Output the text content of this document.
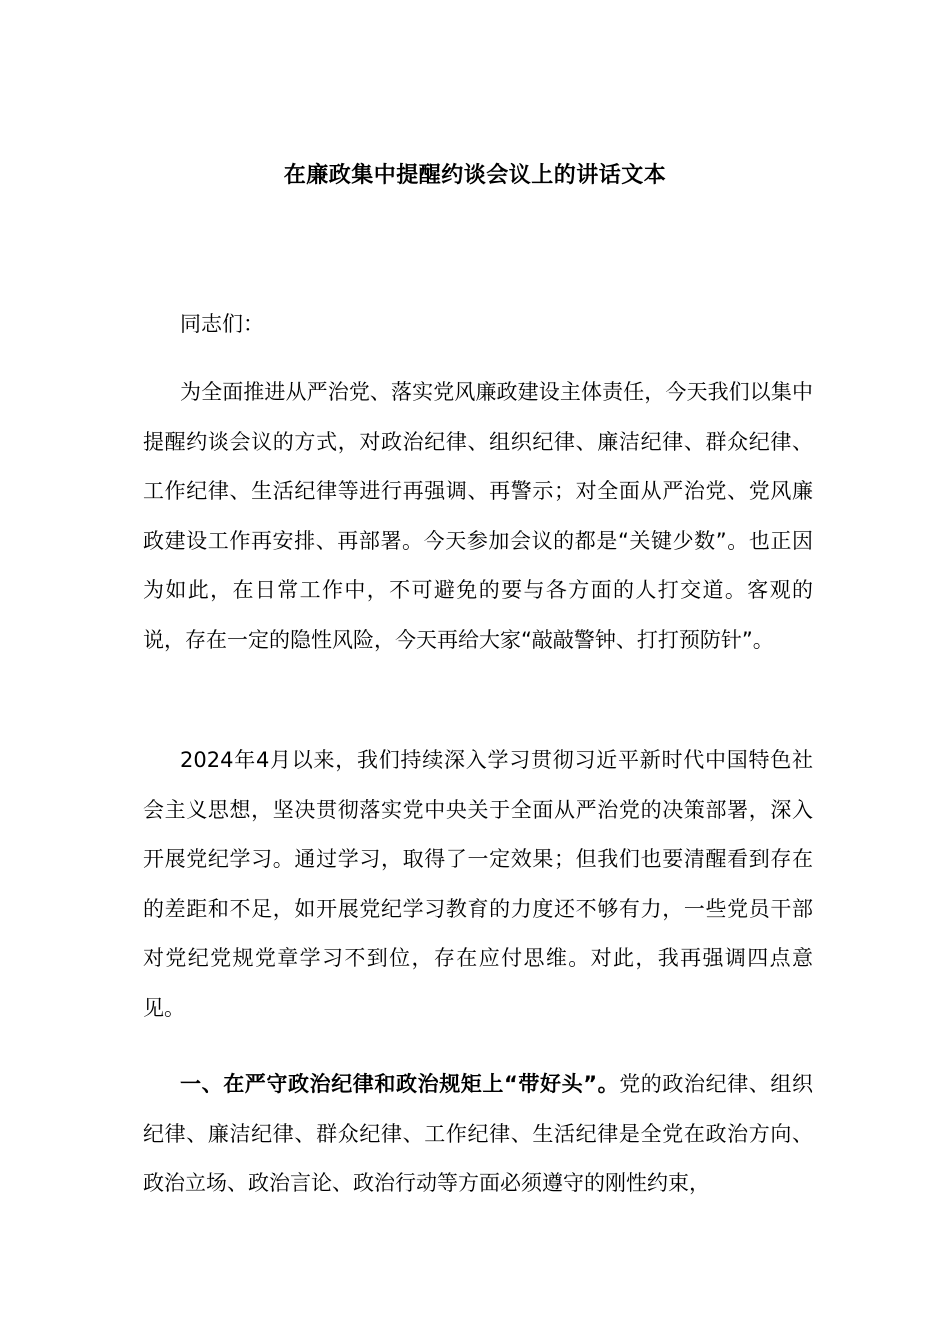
在廉政集中提醒约谈会议上的讲话文本
同志们：
为全面推进从严治党、落实党风廉政建设主体责任，今天我们以集中提醒约谈会议的方式，对政治纪律、组织纪律、廉洁纪律、群众纪律、工作纪律、生活纪律等进行再强调、再警示；对全面从严治党、党风廉政建设工作再安排、再部署。今天参加会议的都是“关键少数”。也正因为如此，在日常工作中，不可避免的要与各方面的人打交道。客观的说，存在一定的隐性风险，今天再给大家“敲敲警钟、打打预防针”。
2024年4月以来，我们持续深入学习贯彻习近平新时代中国特色社会主义思想，坚决贯彻落实党中央关于全面从严治党的决策部署，深入开展党纪学习。通过学习，取得了一定效果；但我们也要清醒看到存在的差距和不足，如开展党纪学习教育的力度还不够有力，一些党员干部对党纪党规党章学习不到位，存在应付思维。对此，我再强调四点意见。
一、在严守政治纪律和政治规矩上“带好头”。党的政治纪律、组织纪律、廉洁纪律、群众纪律、工作纪律、生活纪律是全党在政治方向、政治立场、政治言论、政治行动等方面必须遵守的刚性约束，
